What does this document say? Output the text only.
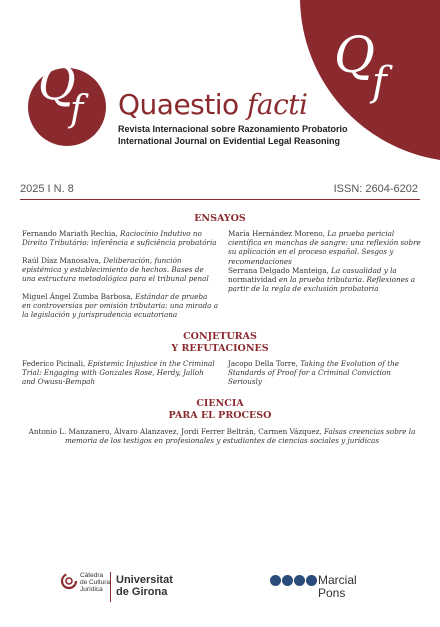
Q
f
Q
f Quaestio facti
Revista Internacional sobre Razonamiento Probatorio
International Journal on Evidential Legal Reasoning
2025 I N. 8	ISSN: 2604-6202
ENSAYOS
Fernando Mariath Rechia, Raciocínio Indutivo no Direito Tributário: inferência e suficiência probatória
Raúl Díaz Manosalva, Deliberación, función epistémica y establecimiento de hechos. Bases de una estructura metodológica para el tribunal penal
Miguel Ángel Zumba Barbosa, Estándar de prueba en controversias por omisión tributaria: una mirada a la legislación y jurisprudencia ecuatoriana
María Hernández Moreno, La prueba pericial científica en manchas de sangre: una reflexión sobre su aplicación en el proceso español. Sesgos y recomendaciones
Serrana Delgado Manteiga, La casualidad y la normatividad en la prueba tributaria. Reflexiones a partir de la regla de exclusión probatoria
CONJETURAS
Y REFUTACIONES
Federico Picinali, Epistemic Injustice in the Criminal Trial: Engaging with Gonzales Rose, Herdy, Jalloh and Owusu-Bempah
Jacopo Della Torre, Taking the Evolution of the Standards of Proof for a Criminal Conviction Seriously
CIENCIA
PARA EL PROCESO
Antonio L. Manzanero, Álvaro Alanzavez, Jordi Ferrer Beltrán, Carmen Vázquez, Falsas creencias sobre la memoria de los testigos en profesionales y estudiantes de ciencias sociales y jurídicas
Càtedra
de Cultura
Jurídica
Universitat
de Girona
Marcial
Pons
